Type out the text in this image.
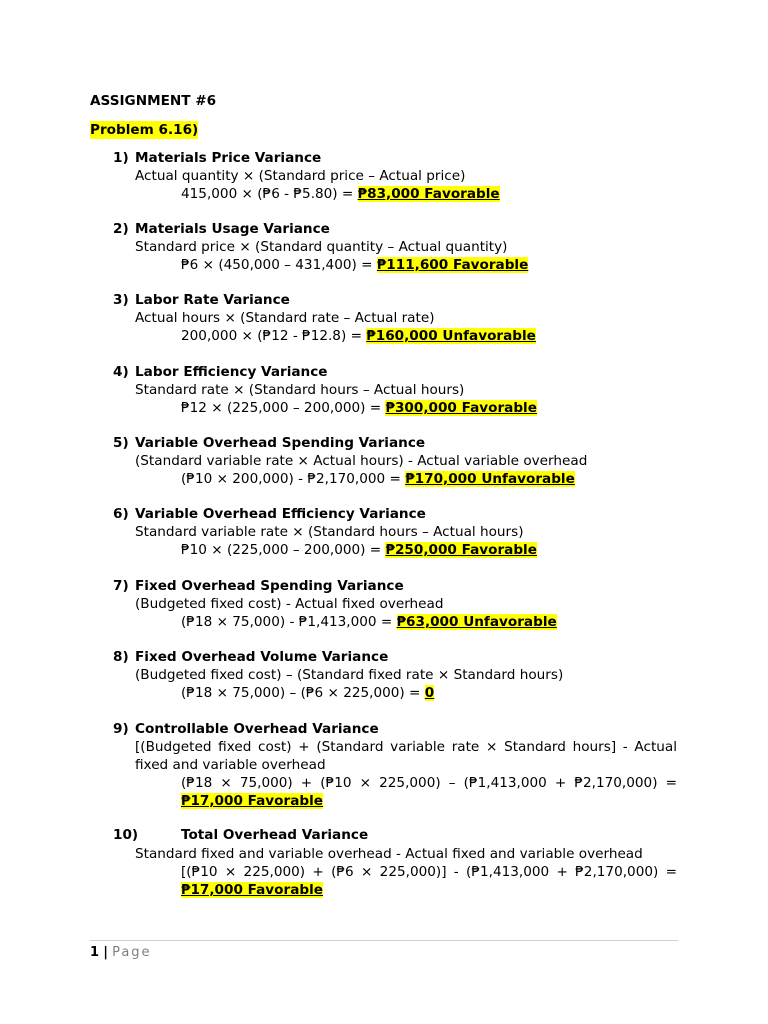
ASSIGNMENT #6
Problem 6.16)
1) Materials Price Variance
Actual quantity × (Standard price – Actual price)
415,000 × (₱6 - ₱5.80) = ₱83,000 Favorable
2) Materials Usage Variance
Standard price × (Standard quantity – Actual quantity)
₱6 × (450,000 – 431,400) = ₱111,600 Favorable
3) Labor Rate Variance
Actual hours × (Standard rate – Actual rate)
200,000 × (₱12 - ₱12.8) = ₱160,000 Unfavorable
4) Labor Efficiency Variance
Standard rate × (Standard hours – Actual hours)
₱12 × (225,000 – 200,000) = ₱300,000 Favorable
5) Variable Overhead Spending Variance
(Standard variable rate × Actual hours) - Actual variable overhead
(₱10 × 200,000) - ₱2,170,000 = ₱170,000 Unfavorable
6) Variable Overhead Efficiency Variance
Standard variable rate × (Standard hours – Actual hours)
₱10 × (225,000 – 200,000) = ₱250,000 Favorable
7) Fixed Overhead Spending Variance
(Budgeted fixed cost) - Actual fixed overhead
(₱18 × 75,000) - ₱1,413,000 = ₱63,000 Unfavorable
8) Fixed Overhead Volume Variance
(Budgeted fixed cost) – (Standard fixed rate × Standard hours)
(₱18 × 75,000) – (₱6 × 225,000) = 0
9) Controllable Overhead Variance
[(Budgeted fixed cost) + (Standard variable rate × Standard hours] - Actual
fixed and variable overhead
(₱18 × 75,000) + (₱10 × 225,000) – (₱1,413,000 + ₱2,170,000) =
₱17,000 Favorable
10)	Total Overhead Variance
Standard fixed and variable overhead - Actual fixed and variable overhead
[(₱10 × 225,000) + (₱6 × 225,000)] - (₱1,413,000 + ₱2,170,000) =
₱17,000 Favorable
1 | Page
